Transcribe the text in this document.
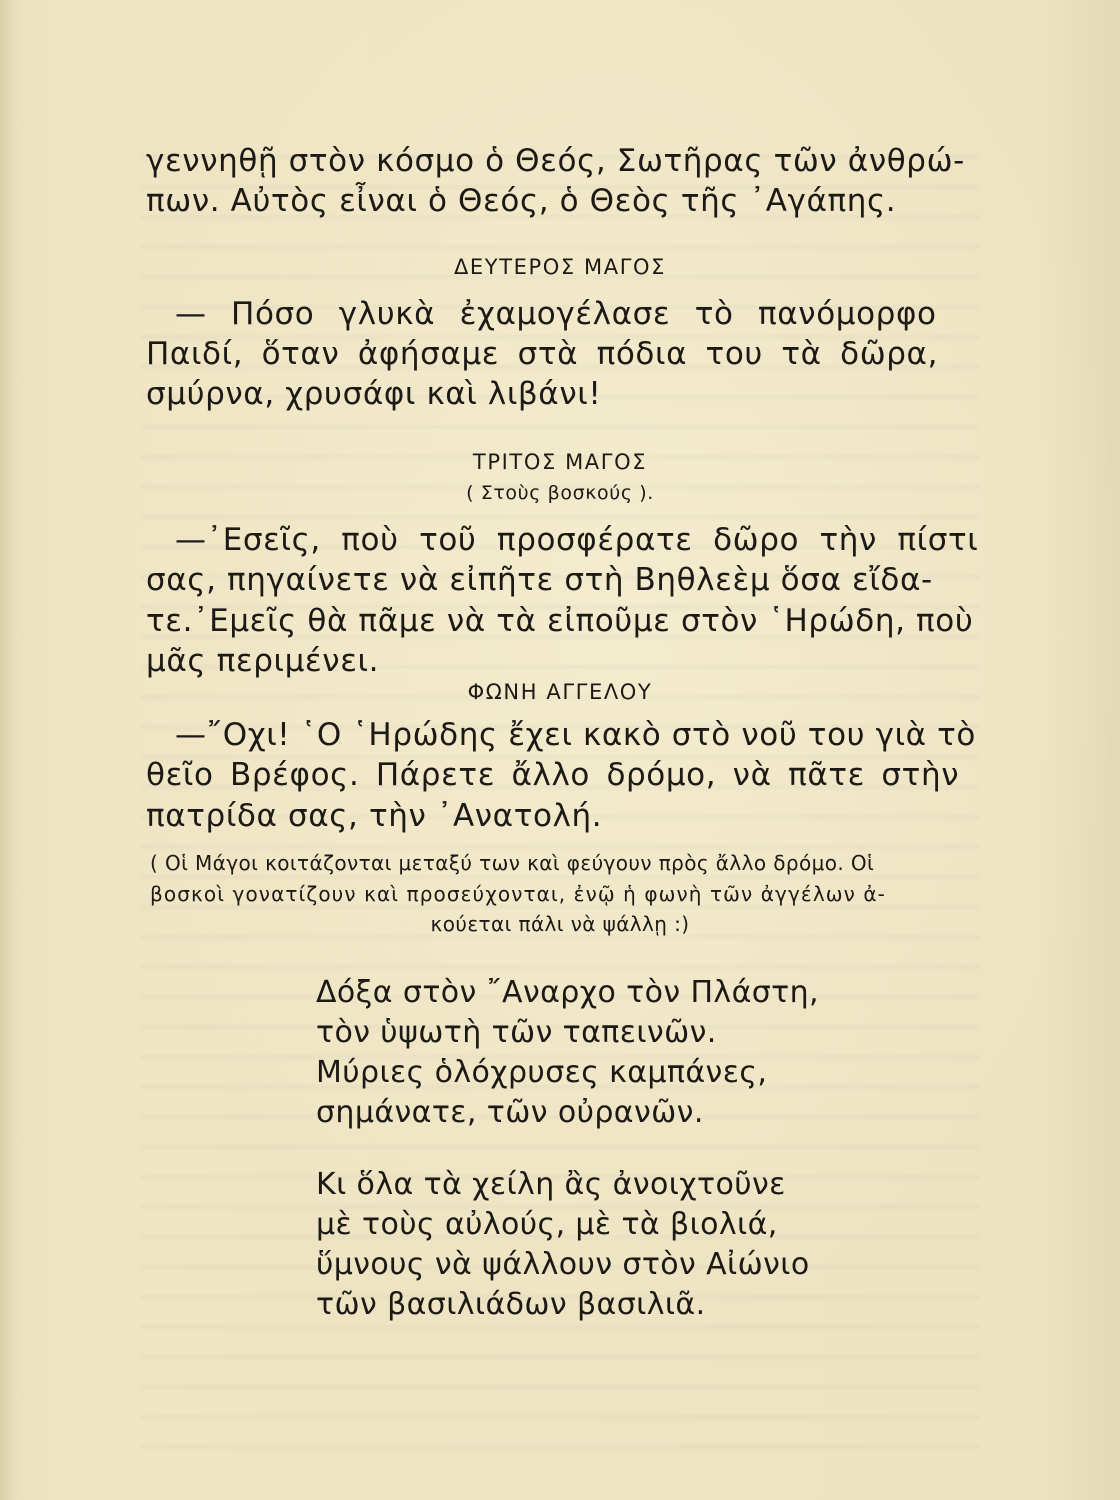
γεννηθῇ στὸν κόσμο ὁ Θεός, Σωτῆρας τῶν ἀνθρώ-
πων. Αὐτὸς εἶναι ὁ Θεός, ὁ Θεὸς τῆς ᾿Αγάπης.
ΔΕΥΤΕΡΟΣ ΜΑΓΟΣ
— Πόσο γλυκὰ ἐχαμογέλασε τὸ πανόμορφο
Παιδί, ὅταν ἀφήσαμε στὰ πόδια του τὰ δῶρα,
σμύρνα, χρυσάφι καὶ λιβάνι!
ΤΡΙΤΟΣ ΜΑΓΟΣ
( Στοὺς βοσκούς ).
—᾿Εσεῖς, ποὺ τοῦ προσφέρατε δῶρο τὴν πίστι
σας, πηγαίνετε νὰ εἰπῆτε στὴ Βηθλεὲμ ὅσα εἴδα-
τε.᾿Εμεῖς θὰ πᾶμε νὰ τὰ εἰποῦμε στὸν ῾Ηρώδη, ποὺ
μᾶς περιμένει.
ΦΩΝΗ ΑΓΓΕΛΟΥ
—῎Οχι! ῾Ο ῾Ηρώδης ἔχει κακὸ στὸ νοῦ του γιὰ τὸ
θεῖο Βρέφος. Πάρετε ἄλλο δρόμο, νὰ πᾶτε στὴν
πατρίδα σας, τὴν ᾿Ανατολή.
( Οἱ Μάγοι κοιτάζονται μεταξύ των καὶ φεύγουν πρὸς ἄλλο δρόμο. Οἱ
βοσκοὶ γονατίζουν καὶ προσεύχονται, ἐνῷ ἡ φωνὴ τῶν ἀγγέλων ἀ-
κούεται πάλι νὰ ψάλλῃ :)
Δόξα στὸν ῎Αναρχο τὸν Πλάστη,
τὸν ὑψωτὴ τῶν ταπεινῶν.
Μύριες ὁλόχρυσες καμπάνες,
σημάνατε, τῶν οὐρανῶν.
Κι ὅλα τὰ χείλη ἂς ἀνοιχτοῦνε
μὲ τοὺς αὐλούς, μὲ τὰ βιολιά,
ὕμνους νὰ ψάλλουν στὸν Αἰώνιο
τῶν βασιλιάδων βασιλιᾶ.
